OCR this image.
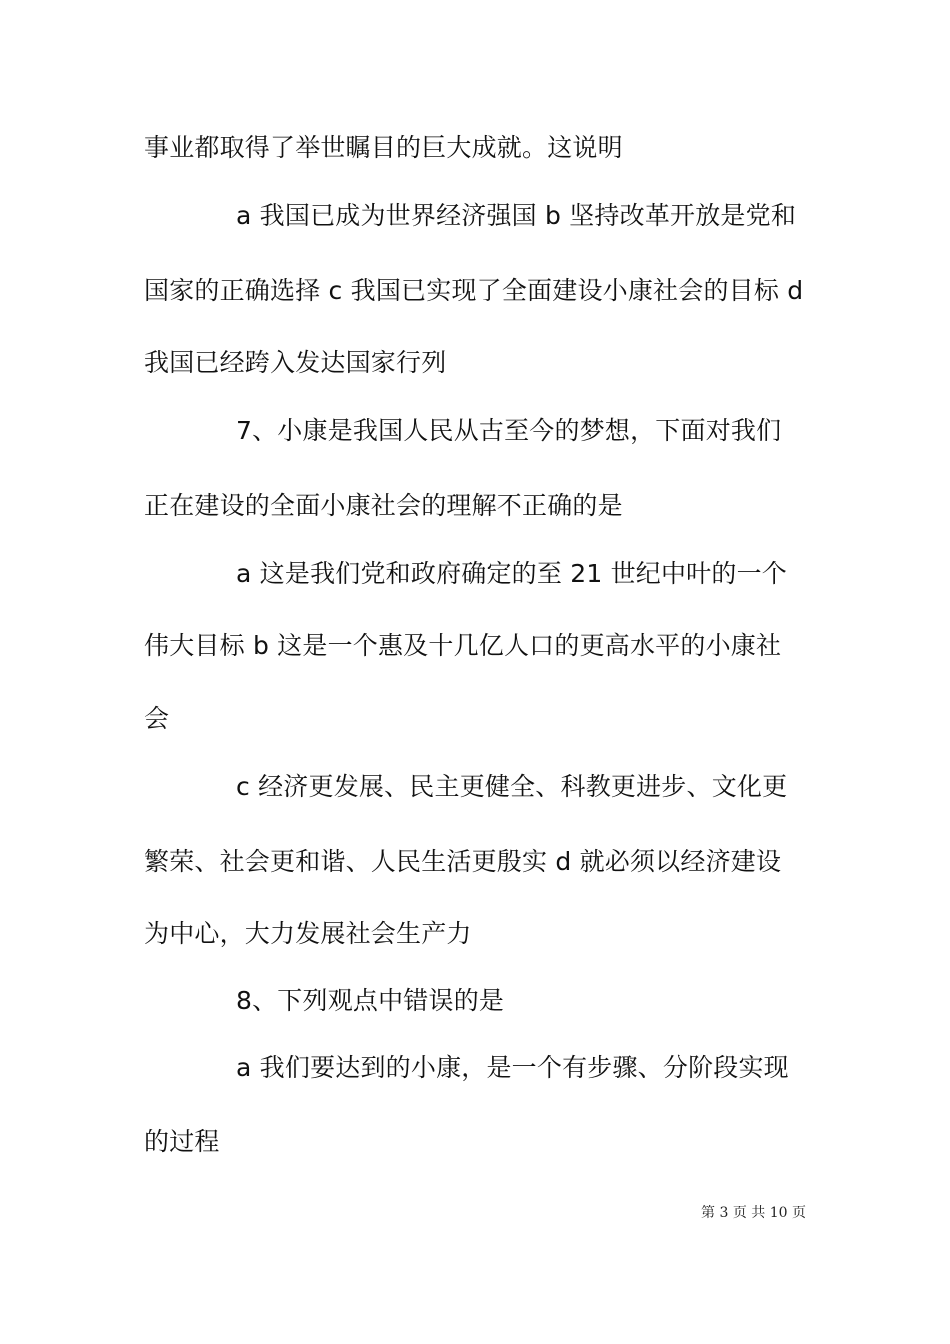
事业都取得了举世瞩目的巨大成就。这说明
a 我国已成为世界经济强国 b 坚持改革开放是党和
国家的正确选择 c 我国已实现了全面建设小康社会的目标 d
我国已经跨入发达国家行列
7、小康是我国人民从古至今的梦想，下面对我们
正在建设的全面小康社会的理解不正确的是
a 这是我们党和政府确定的至 21 世纪中叶的一个
伟大目标 b 这是一个惠及十几亿人口的更高水平的小康社
会
c 经济更发展、民主更健全、科教更进步、文化更
繁荣、社会更和谐、人民生活更殷实 d 就必须以经济建设
为中心，大力发展社会生产力
8、下列观点中错误的是
a 我们要达到的小康，是一个有步骤、分阶段实现
的过程
第 3 页 共 10 页
